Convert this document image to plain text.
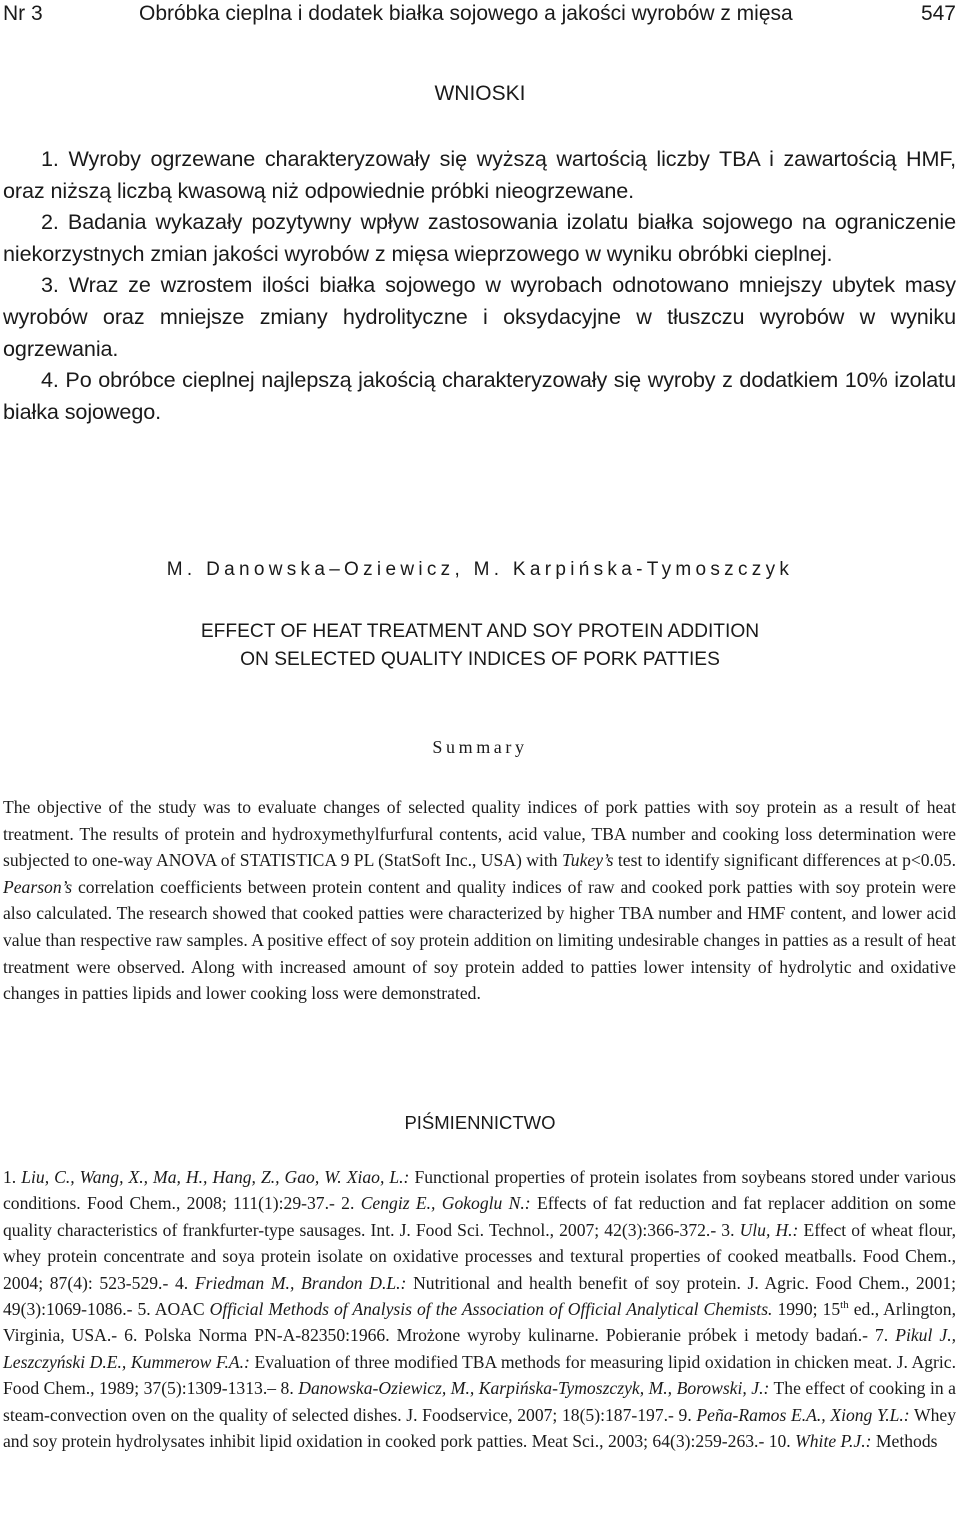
Nr 3	Obróbka cieplna i dodatek białka sojowego a jakości wyrobów z mięsa	547
WNIOSKI

1. Wyroby ogrzewane charakteryzowały się wyższą wartością liczby TBA i zawartością HMF, oraz niższą liczbą kwasową niż odpowiednie próbki nieogrzewane.

2. Badania wykazały pozytywny wpływ zastosowania izolatu białka sojowego na ograniczenie niekorzystnych zmian jakości wyrobów z mięsa wieprzowego w wyniku obróbki cieplnej.

3. Wraz ze wzrostem ilości białka sojowego w wyrobach odnotowano mniejszy ubytek masy wyrobów oraz mniejsze zmiany hydrolityczne i oksydacyjne w tłuszczu wyrobów w wyniku ogrzewania.

4. Po obróbce cieplnej najlepszą jakością charakteryzowały się wyroby z dodatkiem 10% izolatu białka sojowego.

M. Danowska–Oziewicz, M. Karpińska-Tymoszczyk
EFFECT OF HEAT TREATMENT AND SOY PROTEIN ADDITION
ON SELECTED QUALITY INDICES OF PORK PATTIES
Summary

The objective of the study was to evaluate changes of selected quality indices of pork patties with soy protein as a result of heat treatment. The results of protein and hydroxymethylfurfural contents, acid value, TBA number and cooking loss determination were subjected to one-way ANOVA of STATISTICA 9 PL (StatSoft Inc., USA) with Tukey’s test to identify significant differences at p<0.05. Pearson’s correlation coefficients between protein content and quality indices of raw and cooked pork patties with soy protein were also calculated. The research showed that cooked patties were characterized by higher TBA number and HMF content, and lower acid value than respective raw samples. A positive effect of soy protein addition on limiting undesirable changes in patties as a result of heat treatment were observed. Along with increased amount of soy protein added to patties lower intensity of hydrolytic and oxidative changes in patties lipids and lower cooking loss were demonstrated.

PIŚMIENNICTWO

1. Liu, C., Wang, X., Ma, H., Hang, Z., Gao, W. Xiao, L.: Functional properties of protein isolates from soybeans stored under various conditions. Food Chem., 2008; 111(1):29-37.- 2. Cengiz E., Gokoglu N.: Effects of fat reduction and fat replacer addition on some quality characteristics of frankfurter-type sausages. Int. J. Food Sci. Technol., 2007; 42(3):366-372.- 3. Ulu, H.: Effect of wheat flour, whey protein concentrate and soya protein isolate on oxidative processes and textural properties of cooked meatballs. Food Chem., 2004; 87(4): 523-529.- 4. Friedman M., Brandon D.L.: Nutritional and health benefit of soy protein. J. Agric. Food Chem., 2001; 49(3):1069-1086.- 5. AOAC Official Methods of Analysis of the Association of Official Analytical Chemists. 1990; 15th ed., Arlington, Virginia, USA.- 6. Polska Norma PN-A-82350:1966. Mrożone wyroby kulinarne. Pobieranie próbek i metody badań.- 7. Pikul J., Leszczyński D.E., Kummerow F.A.: Evaluation of three modified TBA methods for measuring lipid oxidation in chicken meat. J. Agric. Food Chem., 1989; 37(5):1309-1313.– 8. Danowska-Oziewicz, M., Karpińska-Tymoszczyk, M., Borowski, J.: The effect of cooking in a steam-convection oven on the quality of selected dishes. J. Foodservice, 2007; 18(5):187-197.- 9. Peña-Ramos E.A., Xiong Y.L.: Whey and soy protein hydrolysates inhibit lipid oxidation in cooked pork patties. Meat Sci., 2003; 64(3):259-263.- 10. White P.J.: Methods
